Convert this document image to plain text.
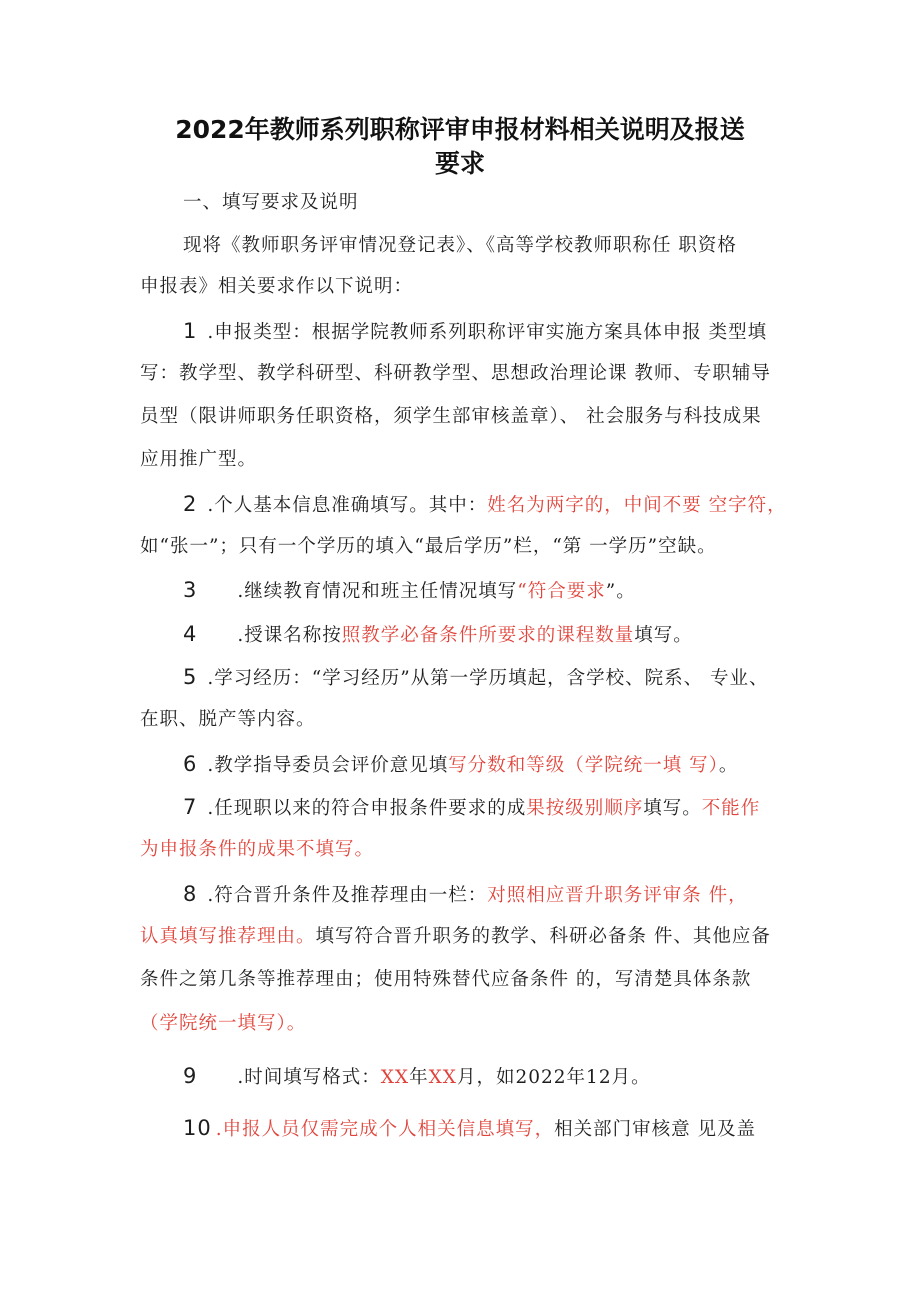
2022年教师系列职称评审申报材料相关说明及报送
要求
一、填写要求及说明
现将《教师职务评审情况登记表》、《高等学校教师职称任 职资格
申报表》相关要求作以下说明：
1 .申报类型：根据学院教师系列职称评审实施方案具体申报 类型填
写：教学型、教学科研型、科研教学型、思想政治理论课 教师、专职辅导
员型（限讲师职务任职资格，须学生部审核盖章）、 社会服务与科技成果
应用推广型。
2 .个人基本信息准确填写。其中：姓名为两字的，中间不要 空字符，
如“张一”；只有一个学历的填入“最后学历”栏，“第 一学历”空缺。
3 .继续教育情况和班主任情况填写“符合要求”。
4 .授课名称按照教学必备条件所要求的课程数量填写。
5 .学习经历：“学习经历”从第一学历填起，含学校、院系、 专业、
在职、脱产等内容。
6 .教学指导委员会评价意见填写分数和等级（学院统一填 写）。
7 .任现职以来的符合申报条件要求的成果按级别顺序填写。不能作
为申报条件的成果不填写。
8 .符合晋升条件及推荐理由一栏：对照相应晋升职务评审条 件，
认真填写推荐理由。填写符合晋升职务的教学、科研必备条 件、其他应备
条件之第几条等推荐理由；使用特殊替代应备条件 的，写清楚具体条款
（学院统一填写）。
9 .时间填写格式：XX年XX月，如2022年12月。
10 .申报人员仅需完成个人相关信息填写，相关部门审核意 见及盖
